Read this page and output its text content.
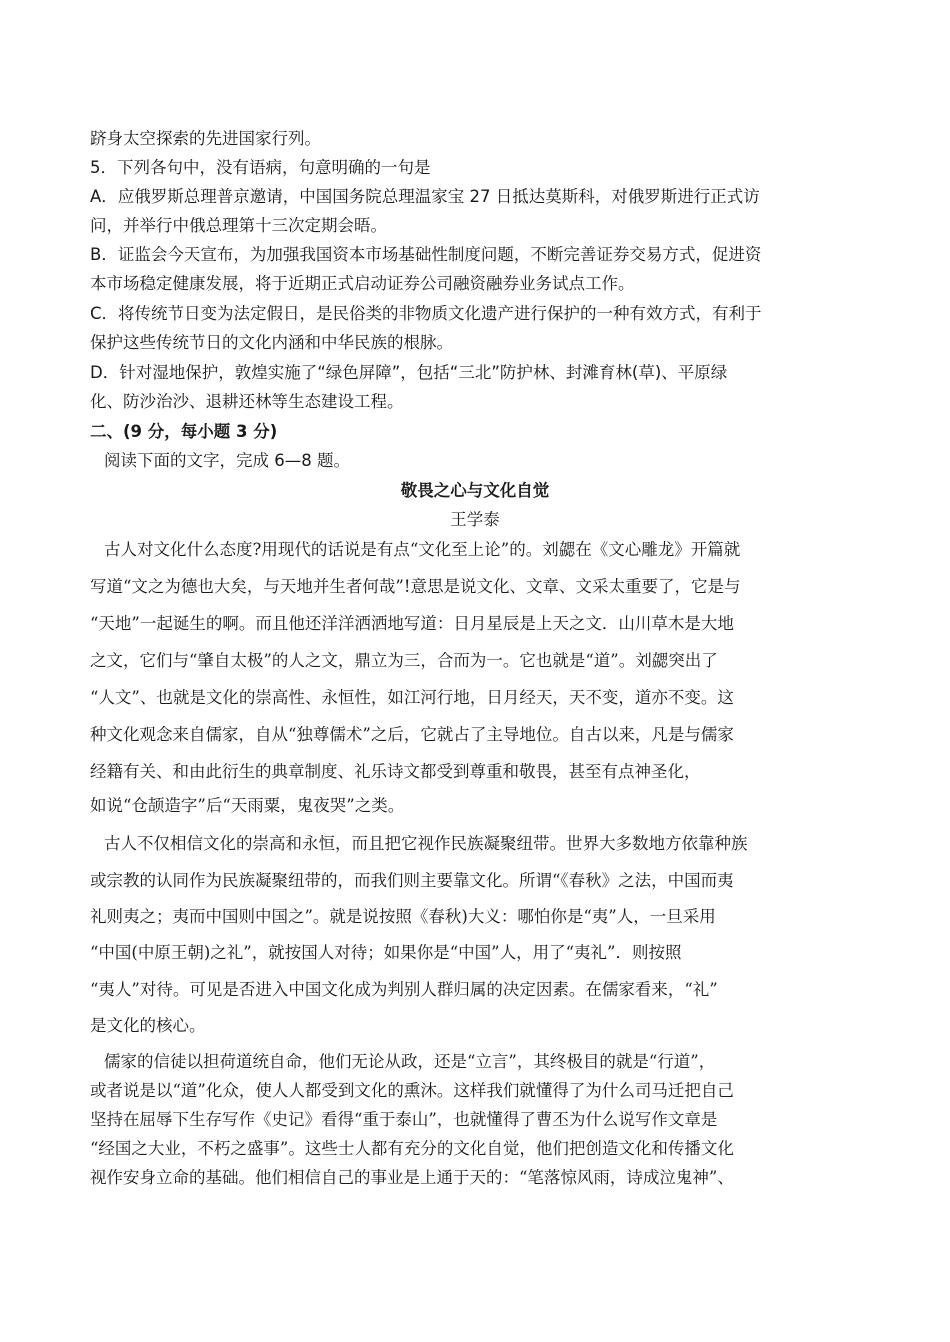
跻身太空探索的先进国家行列。
5．下列各句中，没有语病，句意明确的一句是
A．应俄罗斯总理普京邀请，中国国务院总理温家宝 27 日抵达莫斯科，对俄罗斯进行正式访
问，并举行中俄总理第十三次定期会晤。
B．证监会今天宣布，为加强我国资本市场基础性制度问题，不断完善证券交易方式，促进资
本市场稳定健康发展，将于近期正式启动证券公司融资融券业务试点工作。
C．将传统节日变为法定假日，是民俗类的非物质文化遗产进行保护的一种有效方式，有利于
保护这些传统节日的文化内涵和中华民族的根脉。
D．针对湿地保护，敦煌实施了“绿色屏障”，包括“三北”防护林、封滩育林(草)、平原绿
化、防沙治沙、退耕还林等生态建设工程。
二、(9 分，每小题 3 分)
阅读下面的文字，完成 6—8 题。
敬畏之心与文化自觉
王学泰
古人对文化什么态度?用现代的话说是有点“文化至上论”的。刘勰在《文心雕龙》开篇就
写道“文之为德也大矣，与天地并生者何哉”!意思是说文化、文章、文采太重要了，它是与
“天地”一起诞生的啊。而且他还洋洋洒洒地写道：日月星辰是上天之文．山川草木是大地
之文，它们与“肇自太极”的人之文，鼎立为三，合而为一。它也就是“道”。刘勰突出了
“人文”、也就是文化的崇高性、永恒性，如江河行地，日月经天，天不变，道亦不变。这
种文化观念来自儒家，自从“独尊儒术”之后，它就占了主导地位。自古以来，凡是与儒家
经籍有关、和由此衍生的典章制度、礼乐诗文都受到尊重和敬畏，甚至有点神圣化，
如说“仓颉造字”后“天雨粟，鬼夜哭”之类。
古人不仅相信文化的崇高和永恒，而且把它视作民族凝聚纽带。世界大多数地方依靠种族
或宗教的认同作为民族凝聚纽带的，而我们则主要靠文化。所谓“《春秋》之法，中国而夷
礼则夷之；夷而中国则中国之”。就是说按照《春秋)大义：哪怕你是“夷”人，一旦采用
“中国(中原王朝)之礼”，就按国人对待；如果你是“中国”人，用了“夷礼”．则按照
“夷人”对待。可见是否进入中国文化成为判别人群归属的决定因素。在儒家看来，“礼”
是文化的核心。
儒家的信徒以担荷道统自命，他们无论从政，还是“立言”，其终极目的就是“行道”，
或者说是以“道”化众，使人人都受到文化的熏沐。这样我们就懂得了为什么司马迁把自己
坚持在屈辱下生存写作《史记》看得“重于泰山”，也就懂得了曹丕为什么说写作文章是
“经国之大业，不朽之盛事”。这些士人都有充分的文化自觉，他们把创造文化和传播文化
视作安身立命的基础。他们相信自己的事业是上通于天的：“笔落惊风雨，诗成泣鬼神”、
